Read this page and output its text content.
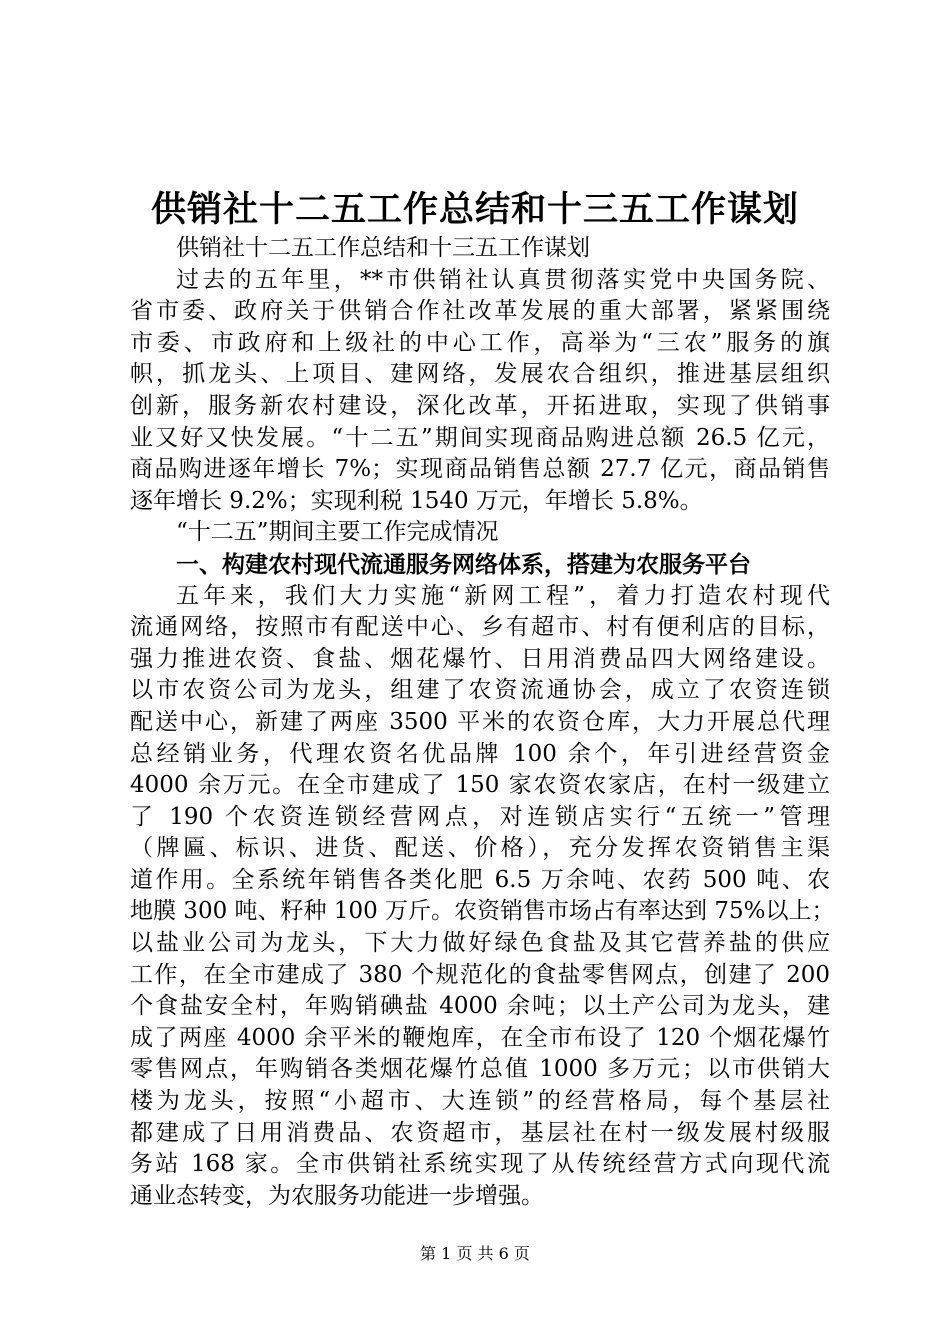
供销社十二五工作总结和十三五工作谋划
供销社十二五工作总结和十三五工作谋划
过去的五年里，**市供销社认真贯彻落实党中央国务院、
省市委、政府关于供销合作社改革发展的重大部署，紧紧围绕
市委、市政府和上级社的中心工作，高举为“三农”服务的旗
帜，抓龙头、上项目、建网络，发展农合组织，推进基层组织
创新，服务新农村建设，深化改革，开拓进取，实现了供销事
业又好又快发展。“十二五”期间实现商品购进总额 26.5 亿元，
商品购进逐年增长 7%；实现商品销售总额 27.7 亿元，商品销售
逐年增长 9.2%；实现利税 1540 万元，年增长 5.8%。
“十二五”期间主要工作完成情况
一、构建农村现代流通服务网络体系，搭建为农服务平台
五年来，我们大力实施“新网工程”，着力打造农村现代
流通网络，按照市有配送中心、乡有超市、村有便利店的目标，
强力推进农资、食盐、烟花爆竹、日用消费品四大网络建设。
以市农资公司为龙头，组建了农资流通协会，成立了农资连锁
配送中心，新建了两座 3500 平米的农资仓库，大力开展总代理
总经销业务，代理农资名优品牌 100 余个，年引进经营资金
4000 余万元。在全市建成了 150 家农资农家店，在村一级建立
了 190 个农资连锁经营网点，对连锁店实行“五统一”管理
（牌匾、标识、进货、配送、价格），充分发挥农资销售主渠
道作用。全系统年销售各类化肥 6.5 万余吨、农药 500 吨、农
地膜 300 吨、籽种 100 万斤。农资销售市场占有率达到 75%以上；
以盐业公司为龙头，下大力做好绿色食盐及其它营养盐的供应
工作，在全市建成了 380 个规范化的食盐零售网点，创建了 200
个食盐安全村，年购销碘盐 4000 余吨；以土产公司为龙头，建
成了两座 4000 余平米的鞭炮库，在全市布设了 120 个烟花爆竹
零售网点，年购销各类烟花爆竹总值 1000 多万元；以市供销大
楼为龙头，按照“小超市、大连锁”的经营格局，每个基层社
都建成了日用消费品、农资超市，基层社在村一级发展村级服
务站 168 家。全市供销社系统实现了从传统经营方式向现代流
通业态转变，为农服务功能进一步增强。
第 1 页 共 6 页
